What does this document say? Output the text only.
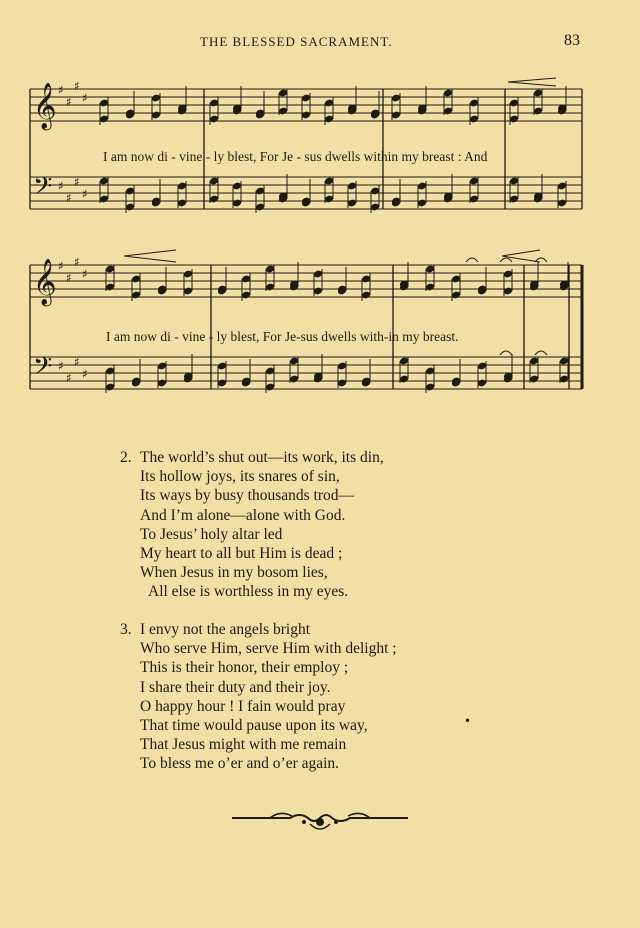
THE BLESSED SACRAMENT.	83
𝄞
𝄢
𝄞
𝄢
♯
♯
♯
♯
♯
♯
♯
♯
♯
♯
♯
♯
♯
♯
♯
♯
I am now di - vine - ly blest, For Je - sus dwells within my breast : And
I am now di - vine - ly blest, For Je-sus dwells with-in my breast.
2. The world’s shut out—its work, its din,
Its hollow joys, its snares of sin,
Its ways by busy thousands trod—
And I’m alone—alone with God.
To Jesus’ holy altar led
My heart to all but Him is dead ;
When Jesus in my bosom lies,
All else is worthless in my eyes.
3. I envy not the angels bright
Who serve Him, serve Him with delight ;
This is their honor, their employ ;
I share their duty and their joy.
O happy hour ! I fain would pray
That time would pause upon its way,
That Jesus might with me remain
To bless me o’er and o’er again.
•
